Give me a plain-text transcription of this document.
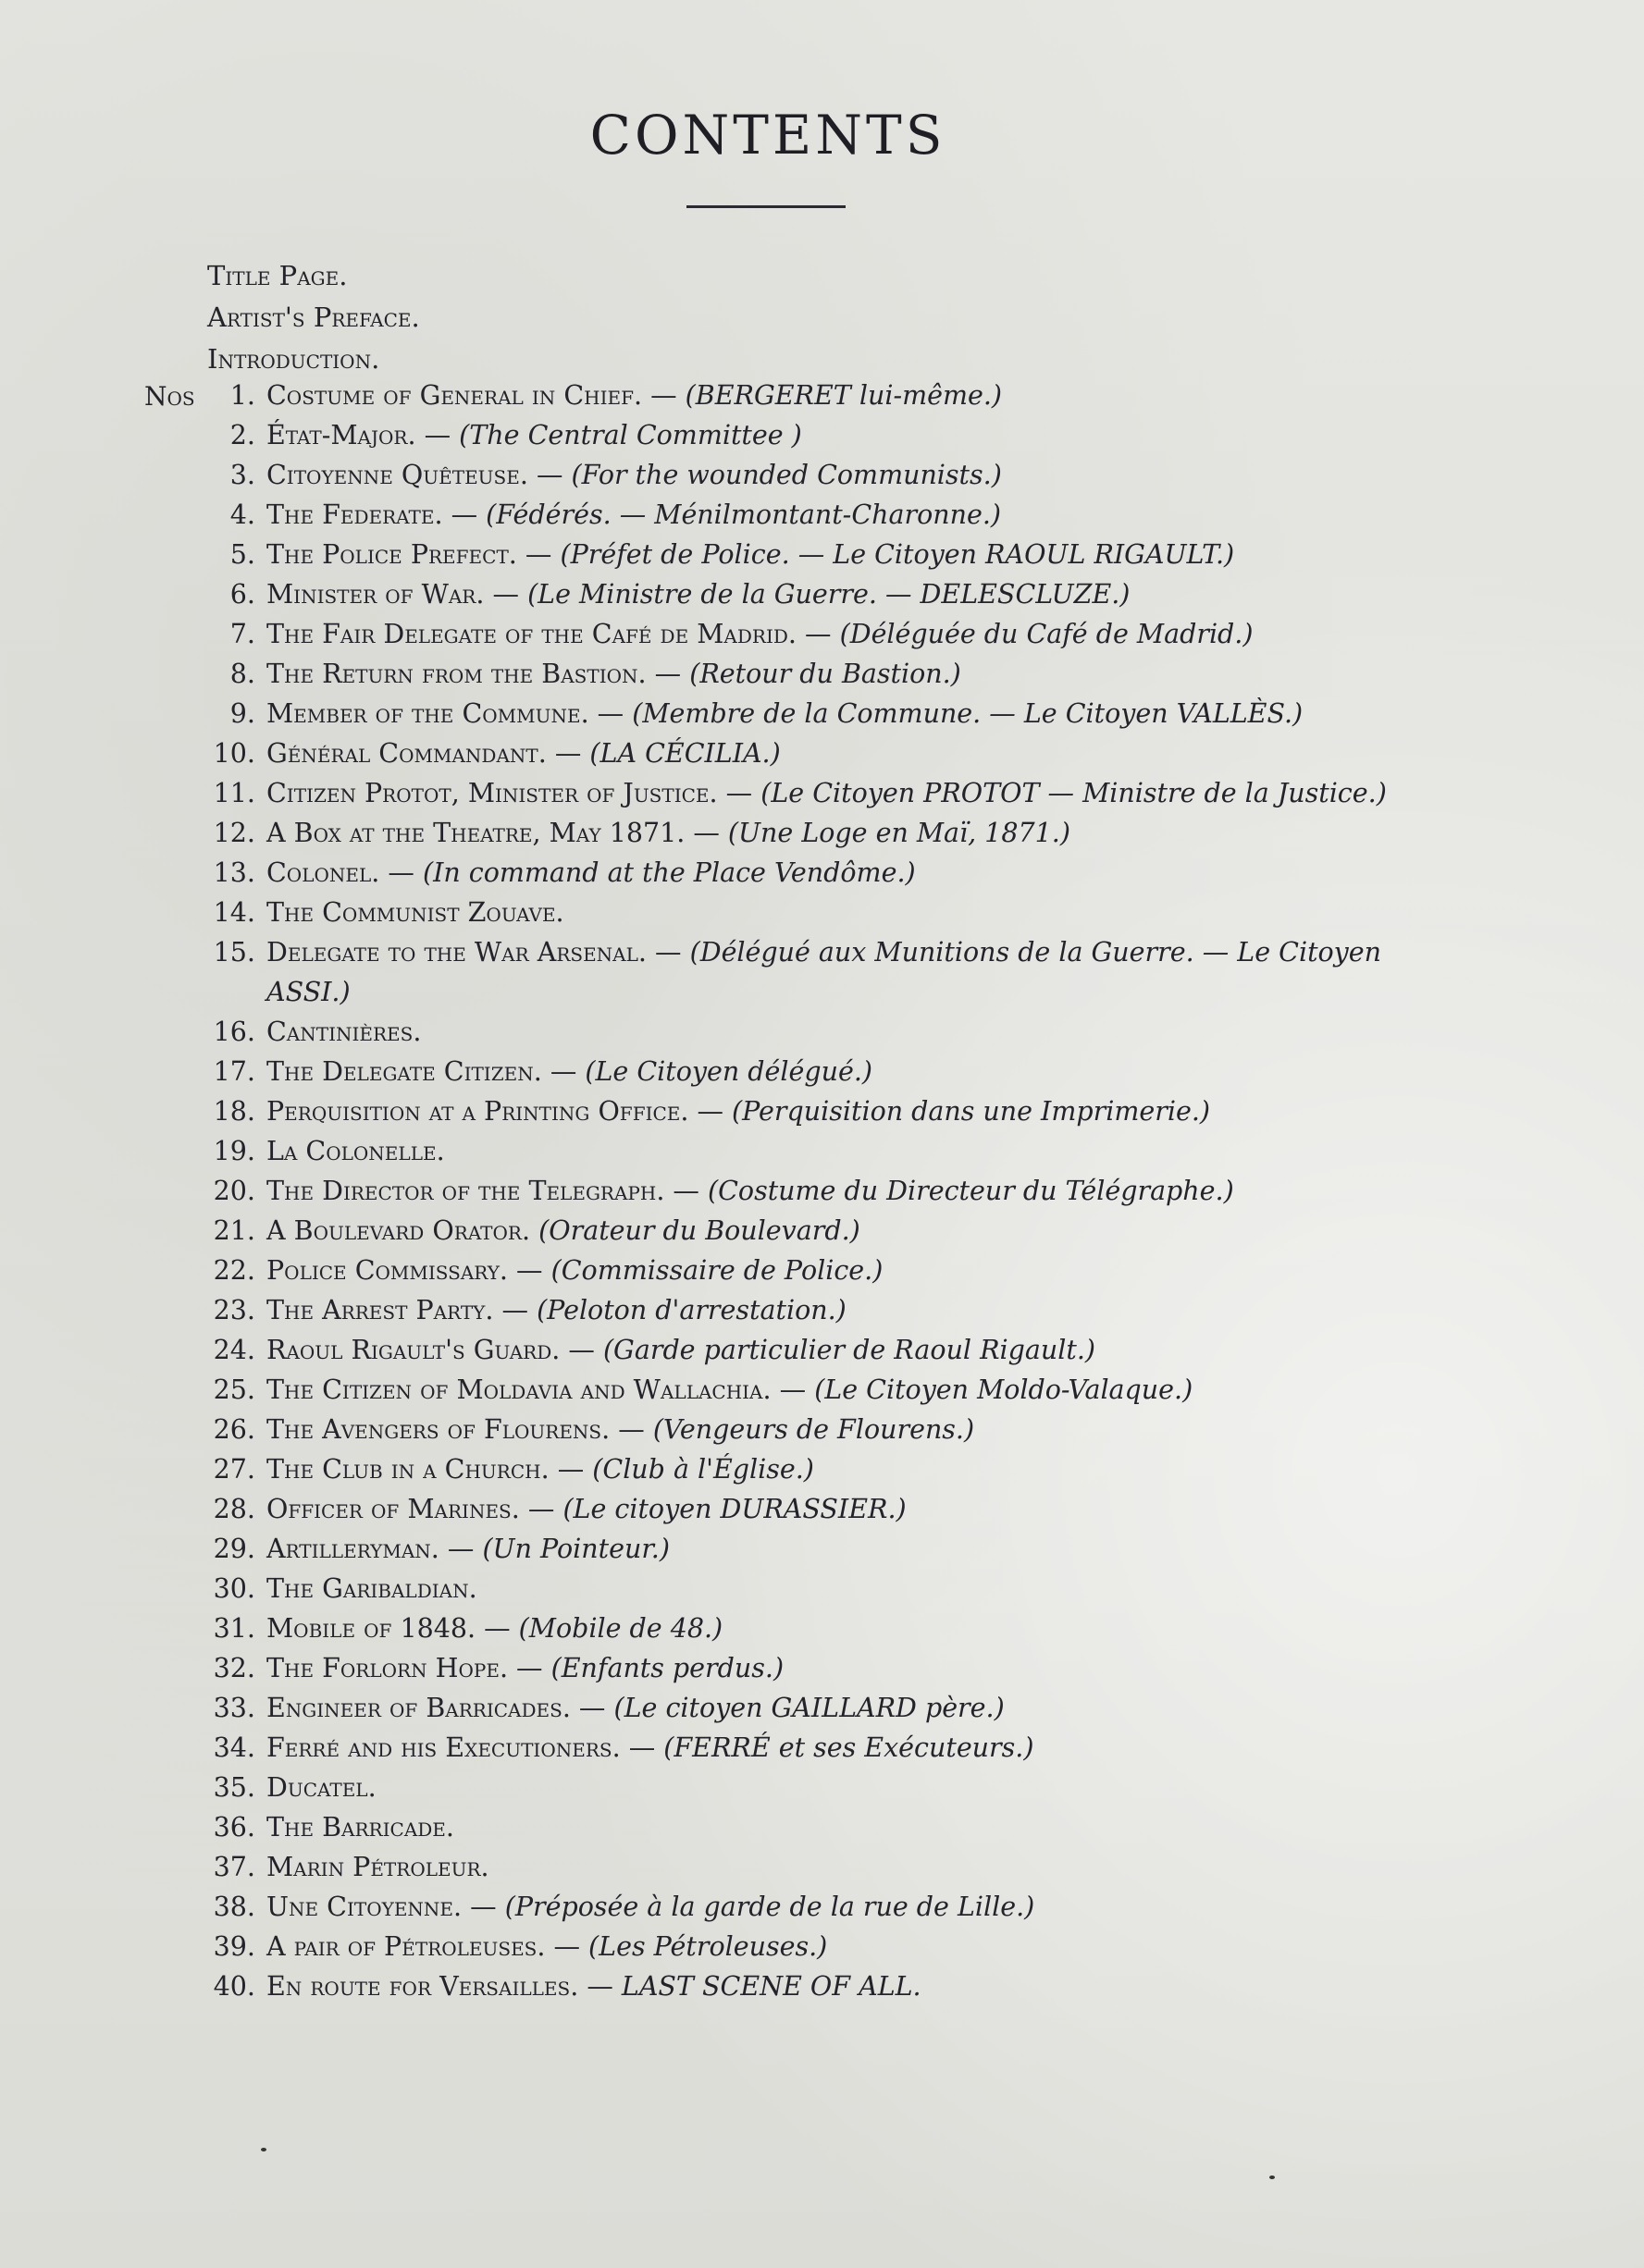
CONTENTS
Title Page.
Artist's Preface.
Introduction.
Nos	1. Costume of General in Chief. — (BERGERET lui-même.)
2. État-Major. — (The Central Committee )
3. Citoyenne Quêteuse. — (For the wounded Communists.)
4. The Federate. — (Fédérés. — Ménilmontant-Charonne.)
5. The Police Prefect. — (Préfet de Police. — Le Citoyen RAOUL RIGAULT.)
6. Minister of War. — (Le Ministre de la Guerre. — DELESCLUZE.)
7. The Fair Delegate of the Café de Madrid. — (Déléguée du Café de Madrid.)
8. The Return from the Bastion. — (Retour du Bastion.)
9. Member of the Commune. — (Membre de la Commune. — Le Citoyen VALLÈS.)
10. Général Commandant. — (LA CÉCILIA.)
11. Citizen Protot, Minister of Justice. — (Le Citoyen PROTOT — Ministre de la Justice.)
12. A Box at the Theatre, May 1871. — (Une Loge en Maï, 1871.)
13. Colonel. — (In command at the Place Vendôme.)
14. The Communist Zouave.
15. Delegate to the War Arsenal. — (Délégué aux Munitions de la Guerre. — Le Citoyen ASSI.)
16. Cantinières.
17. The Delegate Citizen. — (Le Citoyen délégué.)
18. Perquisition at a Printing Office. — (Perquisition dans une Imprimerie.)
19. La Colonelle.
20. The Director of the Telegraph. — (Costume du Directeur du Télégraphe.)
21. A Boulevard Orator. (Orateur du Boulevard.)
22. Police Commissary. — (Commissaire de Police.)
23. The Arrest Party. — (Peloton d'arrestation.)
24. Raoul Rigault's Guard. — (Garde particulier de Raoul Rigault.)
25. The Citizen of Moldavia and Wallachia. — (Le Citoyen Moldo-Valaque.)
26. The Avengers of Flourens. — (Vengeurs de Flourens.)
27. The Club in a Church. — (Club à l'Église.)
28. Officer of Marines. — (Le citoyen DURASSIER.)
29. Artilleryman. — (Un Pointeur.)
30. The Garibaldian.
31. Mobile of 1848. — (Mobile de 48.)
32. The Forlorn Hope. — (Enfants perdus.)
33. Engineer of Barricades. — (Le citoyen GAILLARD père.)
34. Ferré and his Executioners. — (FERRÉ et ses Exécuteurs.)
35. Ducatel.
36. The Barricade.
37. Marin Pétroleur.
38. Une Citoyenne. — (Préposée à la garde de la rue de Lille.)
39. A pair of Pétroleuses. — (Les Pétroleuses.)
40. En route for Versailles. — LAST SCENE OF ALL.
